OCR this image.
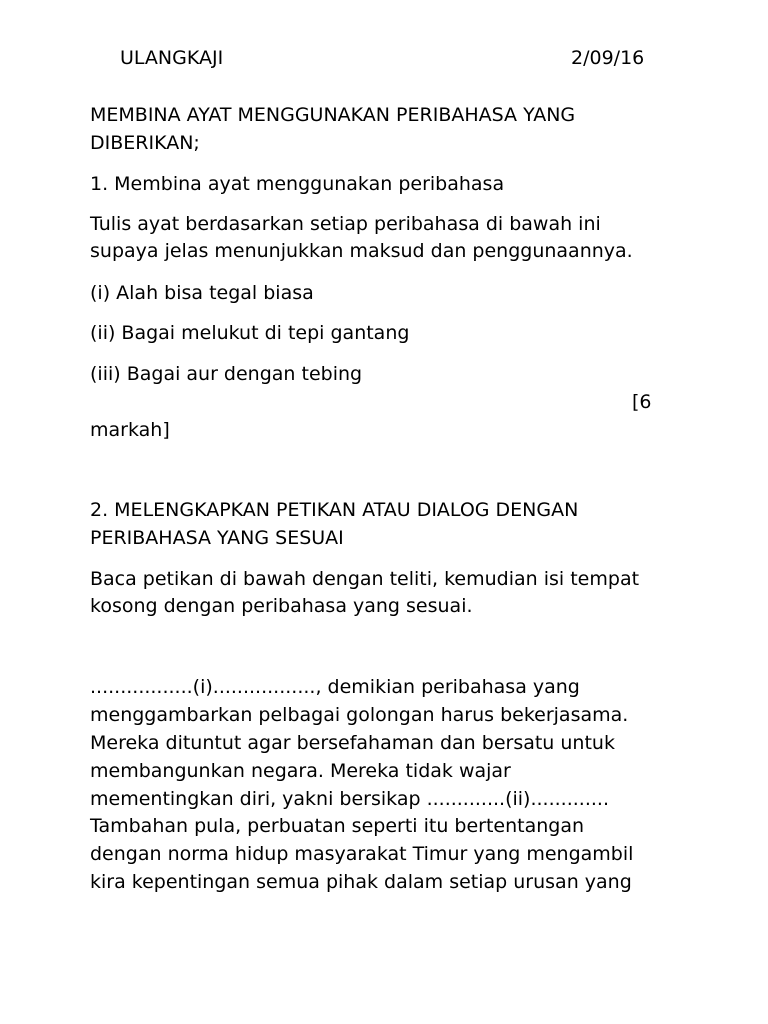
ULANGKAJI	2/09/16

MEMBINA AYAT MENGGUNAKAN PERIBAHASA YANG

DIBERIKAN;

1. Membina ayat menggunakan peribahasa

Tulis ayat berdasarkan setiap peribahasa di bawah ini

supaya jelas menunjukkan maksud dan penggunaannya.

(i) Alah bisa tegal biasa

(ii) Bagai melukut di tepi gantang

(iii) Bagai aur dengan tebing

[6

markah]

2. MELENGKAPKAN PETIKAN ATAU DIALOG DENGAN

PERIBAHASA YANG SESUAI

Baca petikan di bawah dengan teliti, kemudian isi tempat

kosong dengan peribahasa yang sesuai.

.................(i)................., demikian peribahasa yang

menggambarkan pelbagai golongan harus bekerjasama.

Mereka dituntut agar bersefahaman dan bersatu untuk

membangunkan negara. Mereka tidak wajar

mementingkan diri, yakni bersikap .............(ii).............

Tambahan pula, perbuatan seperti itu bertentangan

dengan norma hidup masyarakat Timur yang mengambil

kira kepentingan semua pihak dalam setiap urusan yang
